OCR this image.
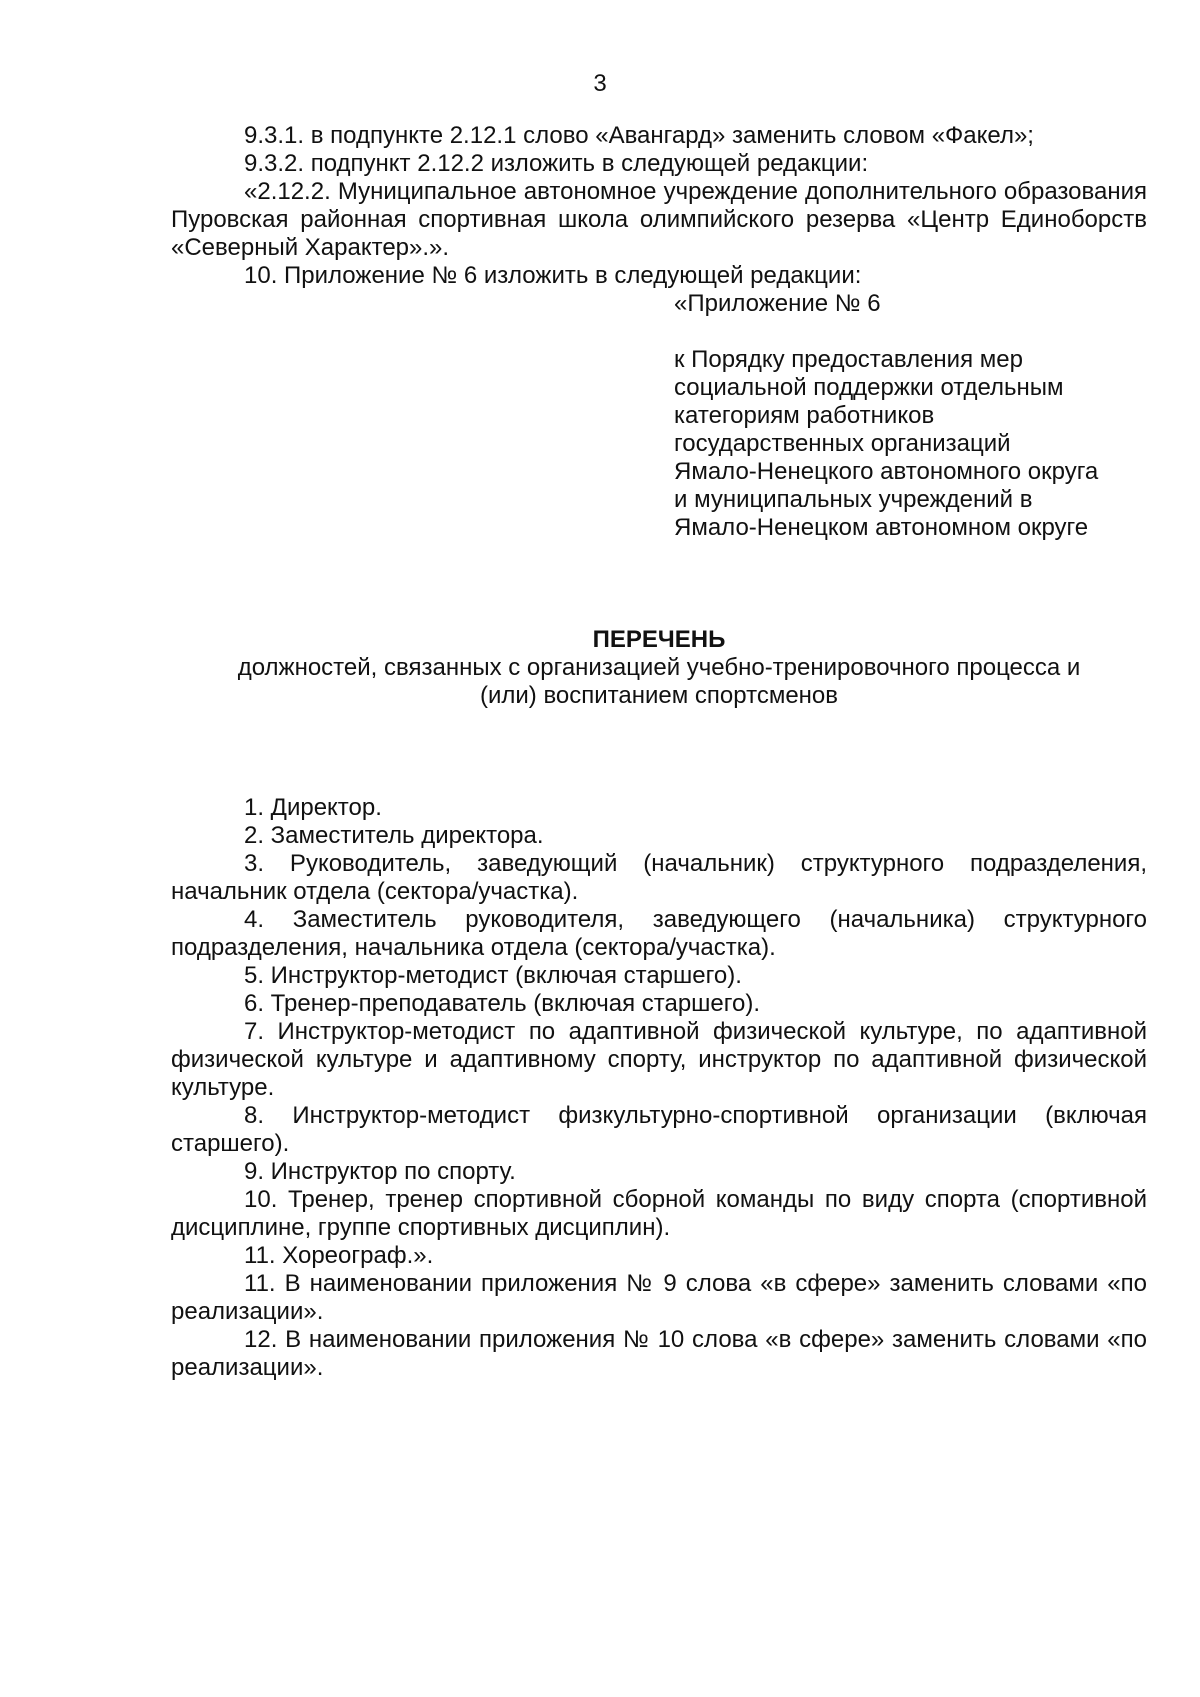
3

9.3.1. в подпункте 2.12.1 слово «Авангард» заменить словом «Факел»;

9.3.2. подпункт 2.12.2 изложить в следующей редакции:

«2.12.2. Муниципальное автономное учреждение дополнительного образования Пуровская районная спортивная школа олимпийского резерва «Центр Единоборств «Северный Характер».».

10. Приложение № 6 изложить в следующей редакции:

«Приложение № 6

к Порядку предоставления мер
социальной поддержки отдельным
категориям работников
государственных организаций
Ямало-Ненецкого автономного округа
и муниципальных учреждений в
Ямало-Ненецком автономном округе

ПЕРЕЧЕНЬ

должностей, связанных с организацией учебно-тренировочного процесса и

(или) воспитанием спортсменов

1. Директор.

2. Заместитель директора.

3. Руководитель, заведующий (начальник) структурного подразделения, начальник отдела (сектора/участка).

4. Заместитель руководителя, заведующего (начальника) структурного подразделения, начальника отдела (сектора/участка).

5. Инструктор-методист (включая старшего).

6. Тренер-преподаватель (включая старшего).

7. Инструктор-методист по адаптивной физической культуре, по адаптивной физической культуре и адаптивному спорту, инструктор по адаптивной физической культуре.

8. Инструктор-методист физкультурно-спортивной организации (включая старшего).

9. Инструктор по спорту.

10. Тренер, тренер спортивной сборной команды по виду спорта (спортивной дисциплине, группе спортивных дисциплин).

11. Хореограф.».

11. В наименовании приложения № 9 слова «в сфере» заменить словами «по реализации».

12. В наименовании приложения № 10 слова «в сфере» заменить словами «по реализации».
